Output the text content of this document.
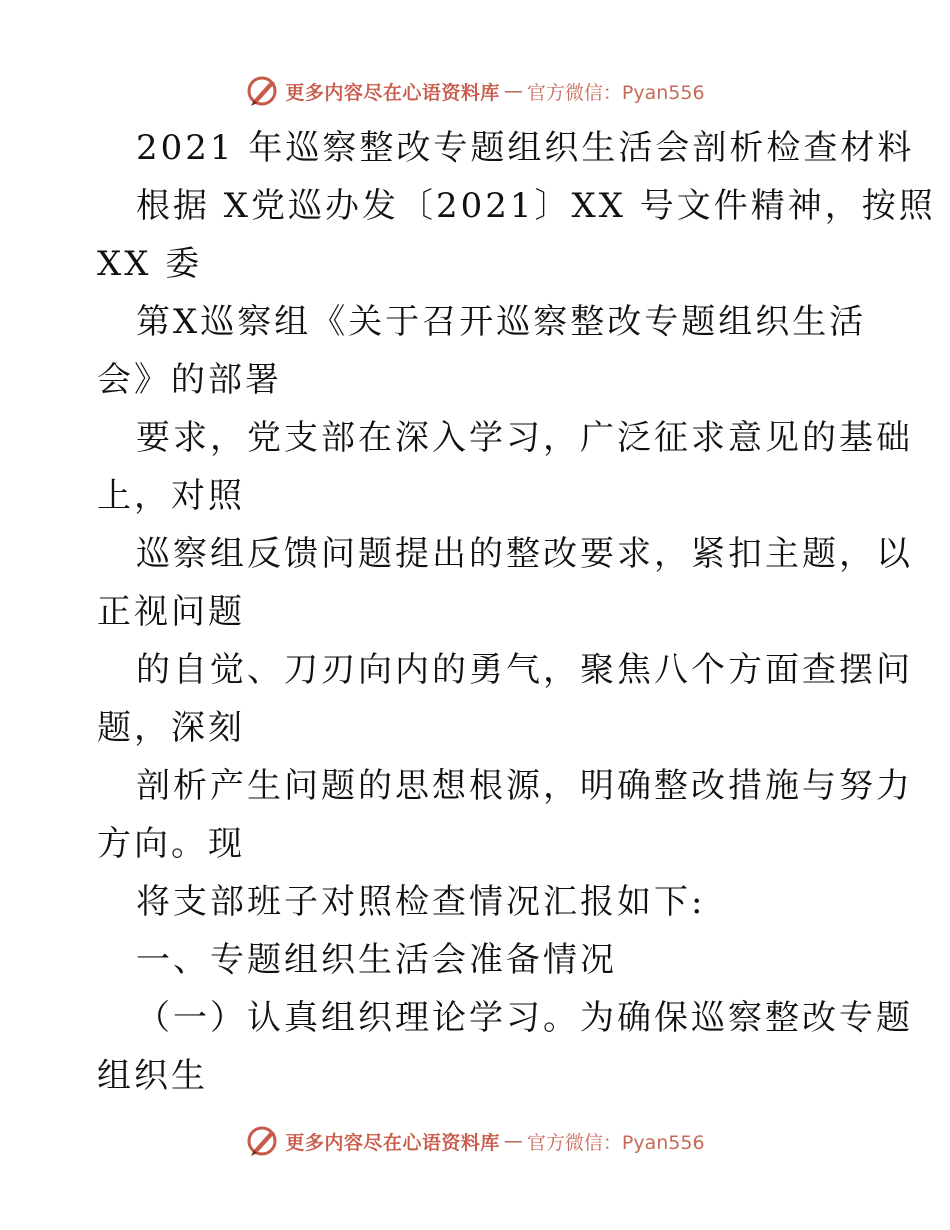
更多内容尽在心语资料库 — 官方微信：Pyan556
2021 年巡察整改专题组织生活会剖析检查材料
根据 X党巡办发〔2021〕XX 号文件精神，按照
XX 委
第X巡察组《关于召开巡察整改专题组织生活
会》的部署
要求，党支部在深入学习，广泛征求意见的基础
上，对照
巡察组反馈问题提出的整改要求，紧扣主题，以
正视问题
的自觉、刀刃向内的勇气，聚焦八个方面查摆问
题，深刻
剖析产生问题的思想根源，明确整改措施与努力
方向。现
将支部班子对照检查情况汇报如下:
一、专题组织生活会准备情况
（一）认真组织理论学习。为确保巡察整改专题
组织生
更多内容尽在心语资料库 — 官方微信：Pyan556
